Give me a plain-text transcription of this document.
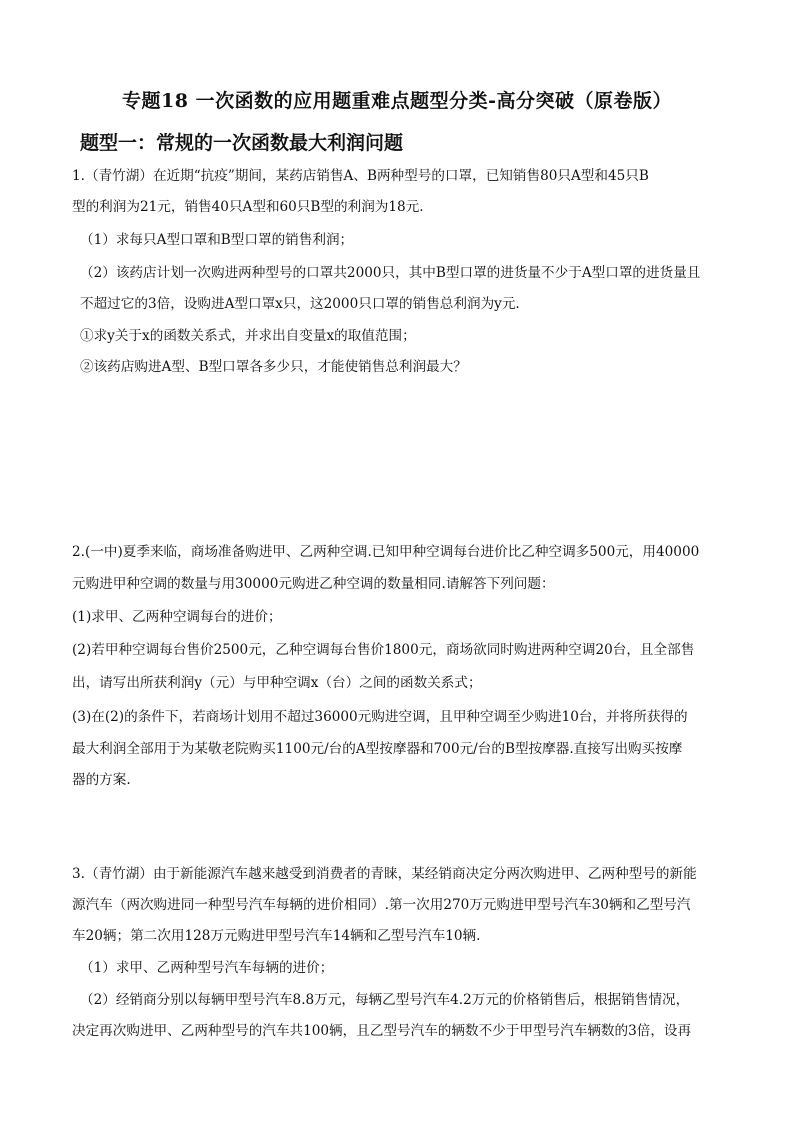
专题18 一次函数的应用题重难点题型分类-高分突破（原卷版）
题型一：常规的一次函数最大利润问题
1.（青竹湖）在近期“抗疫”期间，某药店销售A、B两种型号的口罩，已知销售80只A型和45只B
型的利润为21元，销售40只A型和60只B型的利润为18元.
（1）求每只A型口罩和B型口罩的销售利润；
（2）该药店计划一次购进两种型号的口罩共2000只，其中B型口罩的进货量不少于A型口罩的进货量且
不超过它的3倍，设购进A型口罩x只，这2000只口罩的销售总利润为y元.
①求y关于x的函数关系式，并求出自变量x的取值范围；
②该药店购进A型、B型口罩各多少只，才能使销售总利润最大？
2.(一中)夏季来临，商场准备购进甲、乙两种空调.已知甲种空调每台进价比乙种空调多500元，用40000
元购进甲种空调的数量与用30000元购进乙种空调的数量相同.请解答下列问题：
(1)求甲、乙两种空调每台的进价；
(2)若甲种空调每台售价2500元，乙种空调每台售价1800元，商场欲同时购进两种空调20台，且全部售
出，请写出所获利润y（元）与甲种空调x（台）之间的函数关系式；
(3)在(2)的条件下，若商场计划用不超过36000元购进空调，且甲种空调至少购进10台，并将所获得的
最大利润全部用于为某敬老院购买1100元/台的A型按摩器和700元/台的B型按摩器.直接写出购买按摩
器的方案.
3.（青竹湖）由于新能源汽车越来越受到消费者的青睐，某经销商决定分两次购进甲、乙两种型号的新能
源汽车（两次购进同一种型号汽车每辆的进价相同）.第一次用270万元购进甲型号汽车30辆和乙型号汽
车20辆；第二次用128万元购进甲型号汽车14辆和乙型号汽车10辆.
（1）求甲、乙两种型号汽车每辆的进价；
（2）经销商分别以每辆甲型号汽车8.8万元，每辆乙型号汽车4.2万元的价格销售后，根据销售情况，
决定再次购进甲、乙两种型号的汽车共100辆，且乙型号汽车的辆数不少于甲型号汽车辆数的3倍，设再
